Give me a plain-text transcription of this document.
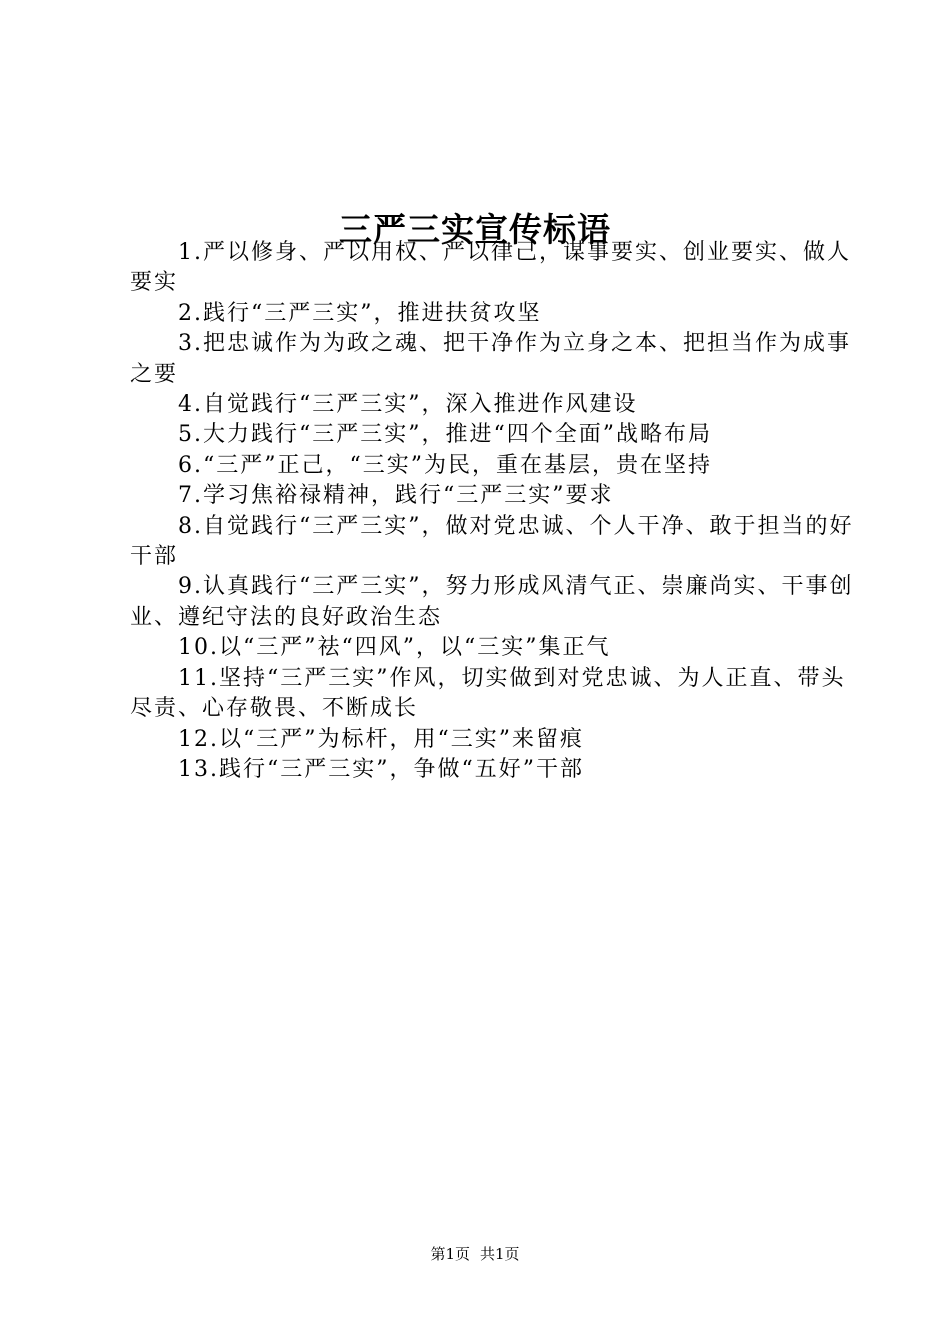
三严三实宣传标语

1.严以修身、严以用权、严以律己，谋事要实、创业要实、做人要实

2.践行“三严三实”，推进扶贫攻坚

3.把忠诚作为为政之魂、把干净作为立身之本、把担当作为成事之要

4.自觉践行“三严三实”，深入推进作风建设

5.大力践行“三严三实”，推进“四个全面”战略布局

6.“三严”正己，“三实”为民，重在基层，贵在坚持

7.学习焦裕禄精神，践行“三严三实”要求

8.自觉践行“三严三实”，做对党忠诚、个人干净、敢于担当的好干部

9.认真践行“三严三实”，努力形成风清气正、崇廉尚实、干事创业、遵纪守法的良好政治生态

10.以“三严”祛“四风”，以“三实”集正气

11.坚持“三严三实”作风，切实做到对党忠诚、为人正直、带头尽责、心存敬畏、不断成长

12.以“三严”为标杆，用“三实”来留痕

13.践行“三严三实”，争做“五好”干部

第1页 共1页
